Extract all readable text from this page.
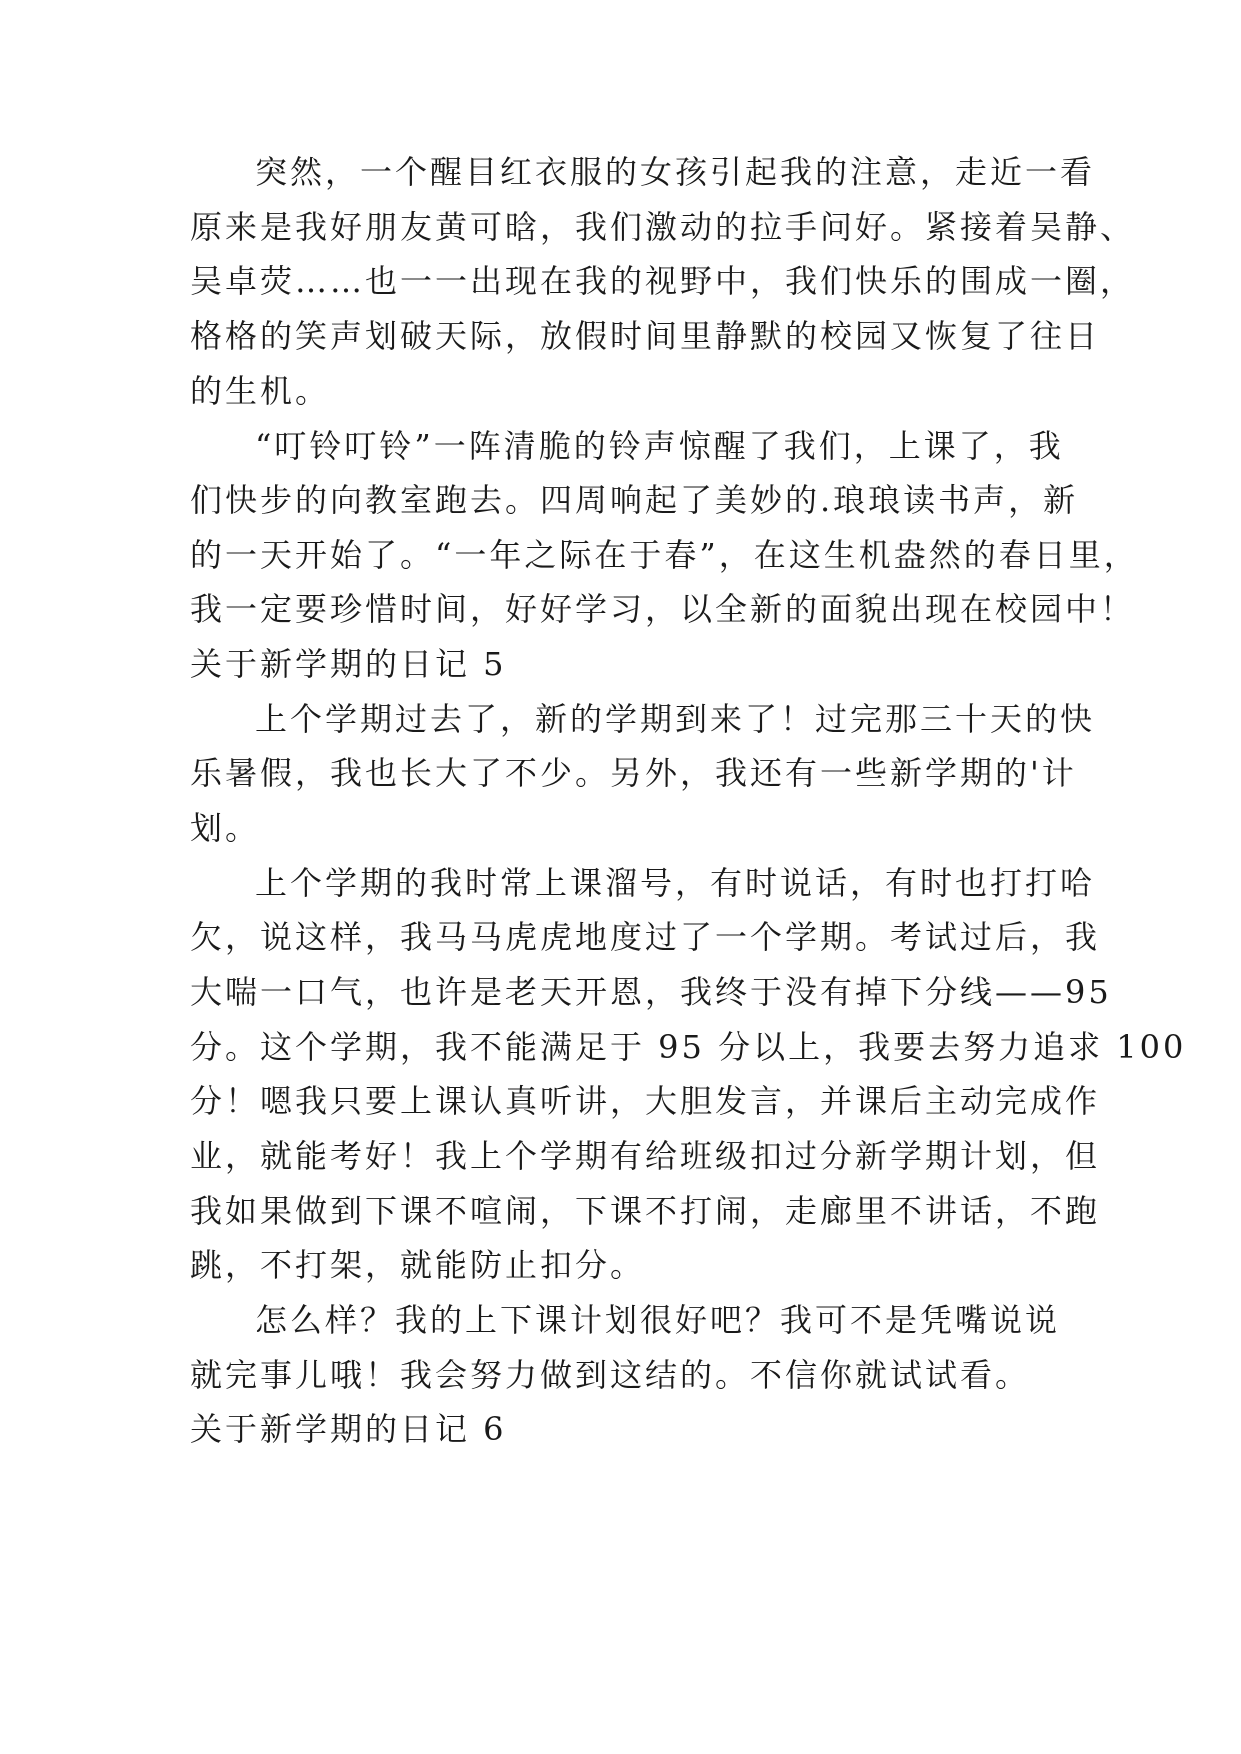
突然，一个醒目红衣服的女孩引起我的注意，走近一看
原来是我好朋友黄可晗，我们激动的拉手问好。紧接着吴静、
吴卓荧……也一一出现在我的视野中，我们快乐的围成一圈，
格格的笑声划破天际，放假时间里静默的校园又恢复了往日
的生机。
“叮铃叮铃”一阵清脆的铃声惊醒了我们，上课了，我
们快步的向教室跑去。四周响起了美妙的.琅琅读书声，新
的一天开始了。“一年之际在于春”，在这生机盎然的春日里，
我一定要珍惜时间，好好学习，以全新的面貌出现在校园中！
关于新学期的日记 5
上个学期过去了，新的学期到来了！过完那三十天的快
乐暑假，我也长大了不少。另外，我还有一些新学期的'计
划。
上个学期的我时常上课溜号，有时说话，有时也打打哈
欠，说这样，我马马虎虎地度过了一个学期。考试过后，我
大喘一口气，也许是老天开恩，我终于没有掉下分线——95
分。这个学期，我不能满足于 95 分以上，我要去努力追求 100
分！嗯我只要上课认真听讲，大胆发言，并课后主动完成作
业，就能考好！我上个学期有给班级扣过分新学期计划，但
我如果做到下课不喧闹，下课不打闹，走廊里不讲话，不跑
跳，不打架，就能防止扣分。
怎么样？我的上下课计划很好吧？我可不是凭嘴说说
就完事儿哦！我会努力做到这结的。不信你就试试看。
关于新学期的日记 6
